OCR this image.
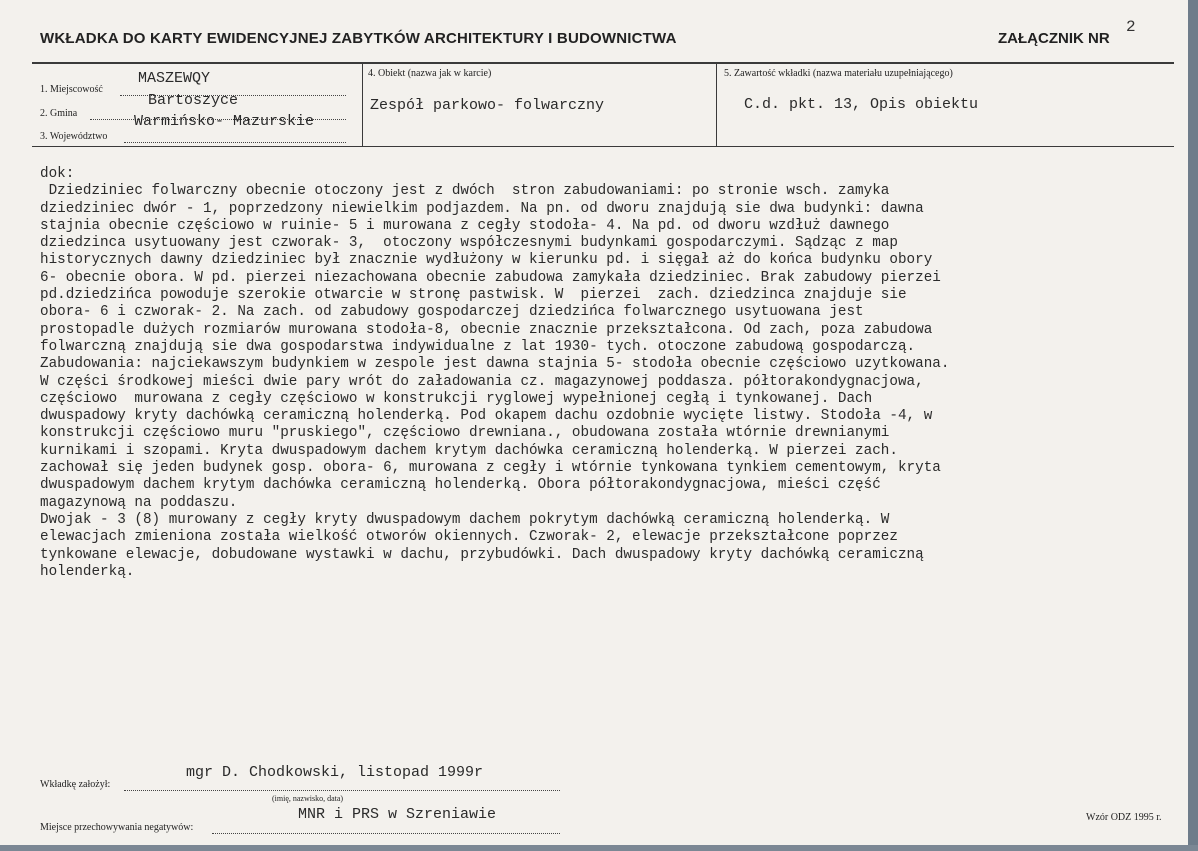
WKŁADKA DO KARTY EWIDENCYJNEJ ZABYTKÓW ARCHITEKTURY I BUDOWNICTWA	ZAŁĄCZNIK NR
2
1. Miejscowość
MASZEWQY
2. Gmina
Bartoszyce
3. Województwo
Warmińsko- Mazurskie
4. Obiekt (nazwa jak w karcie)
Zespół parkowo- folwarczny
5. Zawartość wkładki (nazwa materiału uzupełniającego)
C.d. pkt. 13, Opis obiektu
dok:
Dziedziniec folwarczny obecnie otoczony jest z dwóch  stron zabudowaniami: po stronie wsch. zamyka
dziedziniec dwór - 1, poprzedzony niewielkim podjazdem. Na pn. od dworu znajdują sie dwa budynki: dawna
stajnia obecnie częściowo w ruinie- 5 i murowana z cegły stodoła- 4. Na pd. od dworu wzdłuż dawnego
dziedzinca usytuowany jest czworak- 3,  otoczony współczesnymi budynkami gospodarczymi. Sądząc z map
historycznych dawny dziedziniec był znacznie wydłużony w kierunku pd. i sięgał aż do końca budynku obory
6- obecnie obora. W pd. pierzei niezachowana obecnie zabudowa zamykała dziedziniec. Brak zabudowy pierzei
pd.dziedzińca powoduje szerokie otwarcie w stronę pastwisk. W  pierzei  zach. dziedzinca znajduje sie
obora- 6 i czworak- 2. Na zach. od zabudowy gospodarczej dziedzińca folwarcznego usytuowana jest
prostopadle dużych rozmiarów murowana stodoła-8, obecnie znacznie przekształcona. Od zach, poza zabudowa
folwarczną znajdują sie dwa gospodarstwa indywidualne z lat 1930- tych. otoczone zabudową gospodarczą.
Zabudowania: najciekawszym budynkiem w zespole jest dawna stajnia 5- stodoła obecnie częściowo uzytkowana.
W części środkowej mieści dwie pary wrót do załadowania cz. magazynowej poddasza. półtorakondygnacjowa,
częściowo  murowana z cegły częściowo w konstrukcji ryglowej wypełnionej cegłą i tynkowanej. Dach
dwuspadowy kryty dachówką ceramiczną holenderką. Pod okapem dachu ozdobnie wycięte listwy. Stodoła -4, w
konstrukcji częściowo muru "pruskiego", częściowo drewniana., obudowana została wtórnie drewnianymi
kurnikami i szopami. Kryta dwuspadowym dachem krytym dachówka ceramiczną holenderką. W pierzei zach.
zachował się jeden budynek gosp. obora- 6, murowana z cegły i wtórnie tynkowana tynkiem cementowym, kryta
dwuspadowym dachem krytym dachówka ceramiczną holenderką. Obora półtorakondygnacjowa, mieści część
magazynową na poddaszu.
Dwojak - 3 (8) murowany z cegły kryty dwuspadowym dachem pokrytym dachówką ceramiczną holenderką. W
elewacjach zmieniona została wielkość otworów okiennych. Czworak- 2, elewacje przekształcone poprzez
tynkowane elewacje, dobudowane wystawki w dachu, przybudówki. Dach dwuspadowy kryty dachówką ceramiczną
holenderką.
Wkładkę założył:
mgr D. Chodkowski, listopad 1999r
(imię, nazwisko, data)
Miejsce przechowywania negatywów:
MNR i PRS w Szreniawie	Wzór ODZ 1995 r.
